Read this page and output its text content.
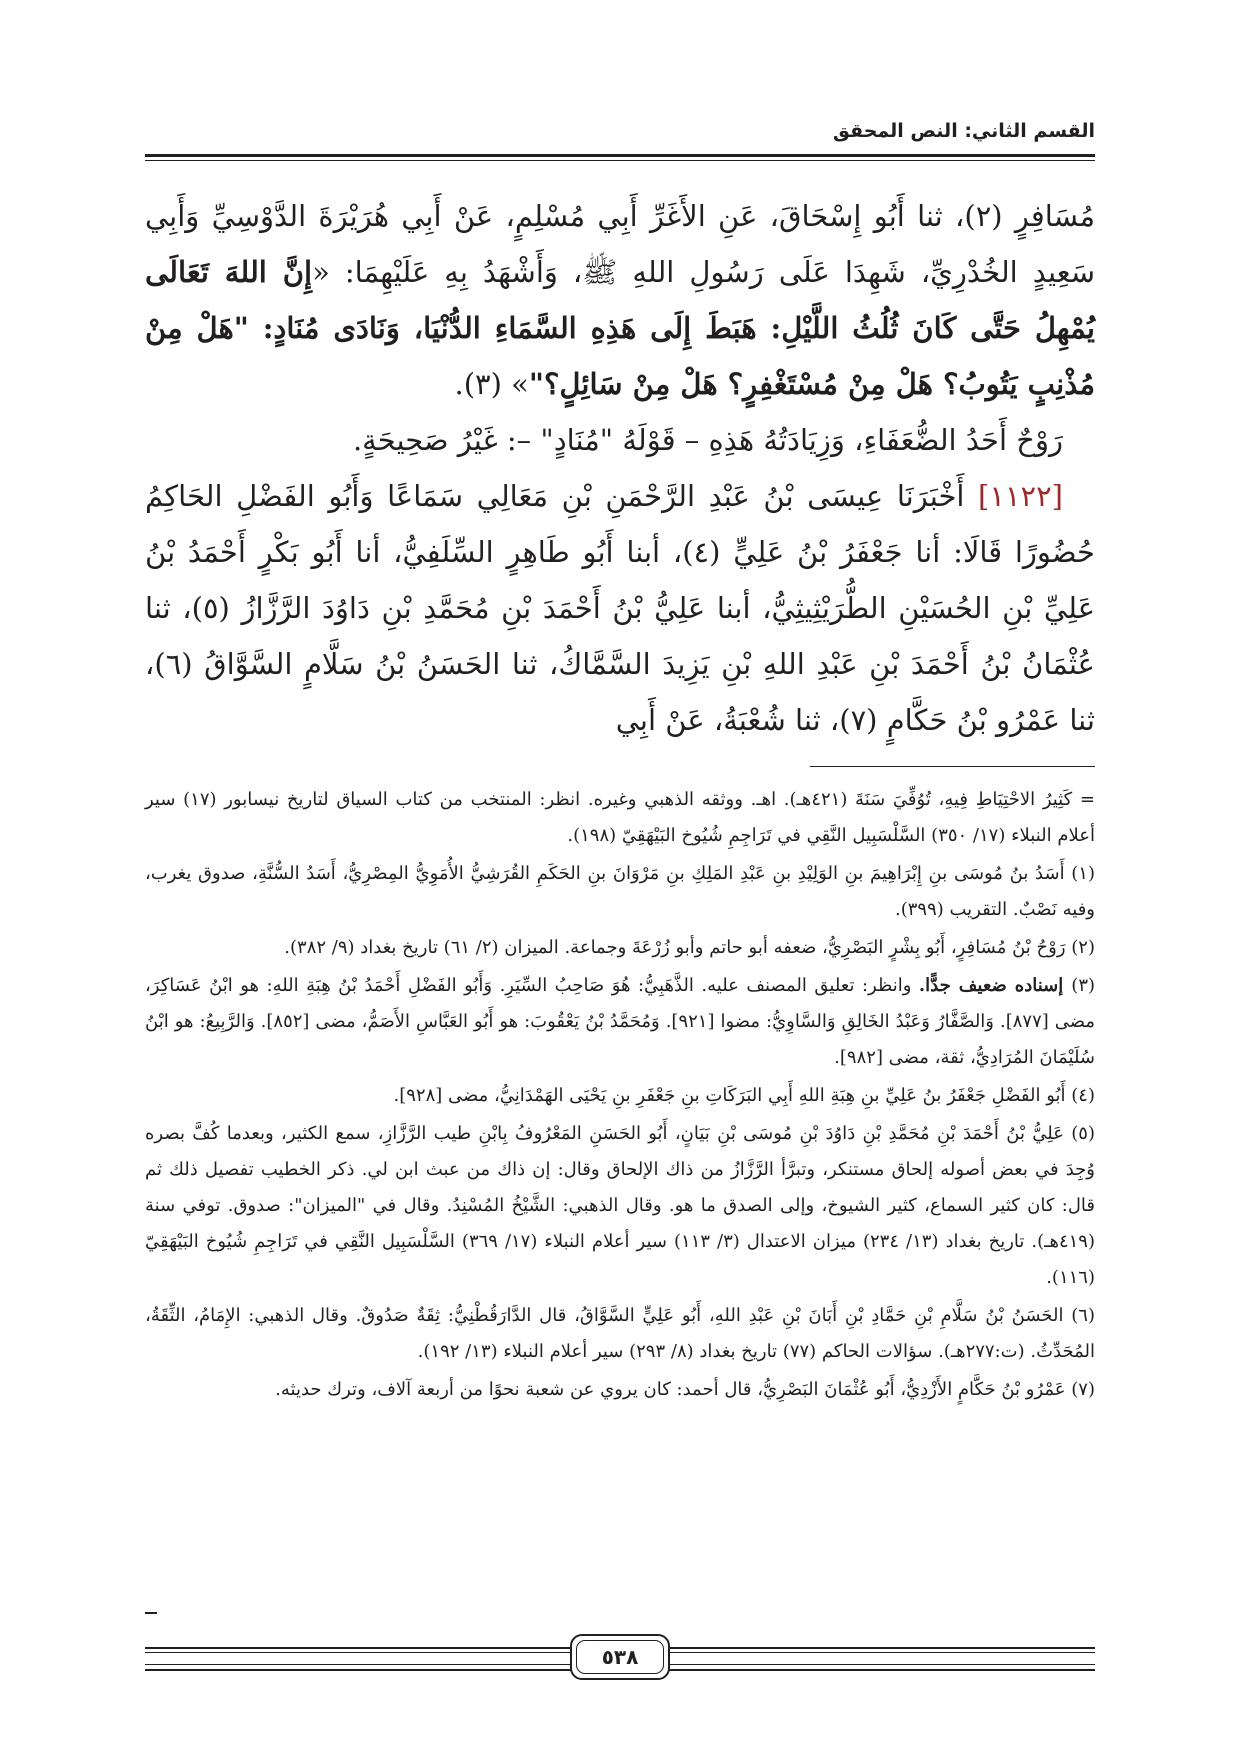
القسم الثاني: النص المحقق

مُسَافِرٍ (٢)، ثنا أَبُو إِسْحَاقَ، عَنِ الأَغَرِّ أَبِي مُسْلِمٍ، عَنْ أَبِي هُرَيْرَةَ الدَّوْسِيِّ وَأَبِي سَعِيدٍ الخُدْرِيِّ، شَهِدَا عَلَى رَسُولِ اللهِ ﷺ، وَأَشْهَدُ بِهِ عَلَيْهِمَا: «إِنَّ اللهَ تَعَالَى يُمْهِلُ حَتَّى كَانَ ثُلُثُ اللَّيْلِ: هَبَطَ إِلَى هَذِهِ السَّمَاءِ الدُّنْيَا، وَنَادَى مُنَادٍ: "هَلْ مِنْ مُذْنِبٍ يَتُوبُ؟ هَلْ مِنْ مُسْتَغْفِرٍ؟ هَلْ مِنْ سَائِلٍ؟"» (٣).

رَوْحٌ أَحَدُ الضُّعَفَاءِ، وَزِيَادَتُهُ هَذِهِ – قَوْلَهُ "مُنَادٍ" –: غَيْرُ صَحِيحَةٍ.

[١١٢٢] أَخْبَرَنَا عِيسَى بْنُ عَبْدِ الرَّحْمَنِ بْنِ مَعَالِي سَمَاعًا وَأَبُو الفَضْلِ الحَاكِمُ حُضُورًا قَالَا: أنا جَعْفَرُ بْنُ عَلِيٍّ (٤)، أبنا أَبُو طَاهِرٍ السِّلَفِيُّ، أنا أَبُو بَكْرٍ أَحْمَدُ بْنُ عَلِيِّ بْنِ الحُسَيْنِ الطُّرَيْثِيثِيُّ، أبنا عَلِيُّ بْنُ أَحْمَدَ بْنِ مُحَمَّدِ بْنِ دَاوُدَ الرَّزَّازُ (٥)، ثنا عُثْمَانُ بْنُ أَحْمَدَ بْنِ عَبْدِ اللهِ بْنِ يَزِيدَ السَّمَّاكُ، ثنا الحَسَنُ بْنُ سَلَّامٍ السَّوَّاقُ (٦)، ثنا عَمْرُو بْنُ حَكَّامٍ (٧)، ثنا شُعْبَةُ، عَنْ أَبِي

= كَثِيرُ الاحْتِيَاطِ فِيهِ، تُوُفِّيَ سَنَةَ (٤٢١هـ). اهـ. ووثقه الذهبي وغيره. انظر: المنتخب من كتاب السياق لتاريخ نيسابور (١٧) سير أعلام النبلاء (١٧/ ٣٥٠) السَّلْسَبِيل النَّقِي في تَرَاجِمِ شُيُوخ البَيْهَقِيّ (١٩٨).

(١) أَسَدُ بنُ مُوسَى بنِ إِبْرَاهِيمَ بنِ الوَلِيْدِ بنِ عَبْدِ المَلِكِ بنِ مَرْوَانَ بنِ الحَكَمِ القُرَشِيُّ الأُمَوِيُّ المِصْرِيُّ، أَسَدُ السُّنَّةِ، صدوق يغرب، وفيه نَصْبٌ. التقريب (٣٩٩).

(٢) رَوْحُ بْنُ مُسَافِرٍ، أَبُو بِشْرٍ البَصْرِيُّ، ضعفه أبو حاتم وأبو زُرْعَةَ وجماعة. الميزان (٢/ ٦١) تاريخ بغداد (٩/ ٣٨٢).

(٣) إسناده ضعيف جدًّا. وانظر: تعليق المصنف عليه. الذَّهَبِيُّ: هُوَ صَاحِبُ السِّيَرِ. وَأَبُو الفَضْلِ أَحْمَدُ بْنُ هِبَةِ اللهِ: هو ابْنُ عَسَاكِرَ، مضى [٨٧٧]. وَالصَّفَّارُ وَعَبْدُ الخَالِقِ وَالسَّاوِيُّ: مضوا [٩٢١]. وَمُحَمَّدُ بْنُ يَعْقُوبَ: هو أَبُو العَبَّاسِ الأَصَمُّ، مضى [٨٥٢]. وَالرَّبِيعُ: هو ابْنُ سُلَيْمَانَ المُرَادِيُّ، ثقة، مضى [٩٨٢].

(٤) أَبُو الفَضْلِ جَعْفَرُ بنُ عَلِيِّ بنِ هِبَةِ اللهِ أَبِي البَرَكَاتِ بنِ جَعْفَرِ بنِ يَحْيَى الهَمْدَانِيُّ، مضى [٩٢٨].

(٥) عَلِيُّ بْنُ أَحْمَدَ بْنِ مُحَمَّدِ بْنِ دَاوُدَ بْنِ مُوسَى بْنِ بَيَانٍ، أَبُو الحَسَنِ المَعْرُوفُ بِابْنِ طيب الرَّزَّازِ، سمع الكثير، وبعدما كُفَّ بصره وُجِدَ في بعض أصوله إلحاق مستنكر، وتبرَّأ الرَّزَّازُ من ذاك الإلحاق وقال: إن ذاك من عبث ابن لي. ذكر الخطيب تفصيل ذلك ثم قال: كان كثير السماع، كثير الشيوخ، وإلى الصدق ما هو. وقال الذهبي: الشَّيْخُ المُسْنِدُ. وقال في "الميزان": صدوق. توفي سنة (٤١٩هـ). تاريخ بغداد (١٣/ ٢٣٤) ميزان الاعتدال (٣/ ١١٣) سير أعلام النبلاء (١٧/ ٣٦٩) السَّلْسَبِيل النَّقِي في تَرَاجِمِ شُيُوخ البَيْهَقِيّ (١١٦).

(٦) الحَسَنُ بْنُ سَلَّامِ بْنِ حَمَّادِ بْنِ أَبَانَ بْنِ عَبْدِ اللهِ، أَبُو عَلِيٍّ السَّوَّاقُ، قال الدَّارَقُطْنِيُّ: ثِقَةٌ صَدُوقٌ. وقال الذهبي: الإِمَامُ، الثِّقَةُ، المُحَدِّثُ. (ت:٢٧٧هـ). سؤالات الحاكم (٧٧) تاريخ بغداد (٨/ ٢٩٣) سير أعلام النبلاء (١٣/ ١٩٢).

(٧) عَمْرُو بْنُ حَكَّامٍ الأَزْدِيُّ، أَبُو عُثْمَانَ البَصْرِيُّ، قال أحمد: كان يروي عن شعبة نحوًا من أربعة آلاف، وترك حديثه.

٥٣٨
